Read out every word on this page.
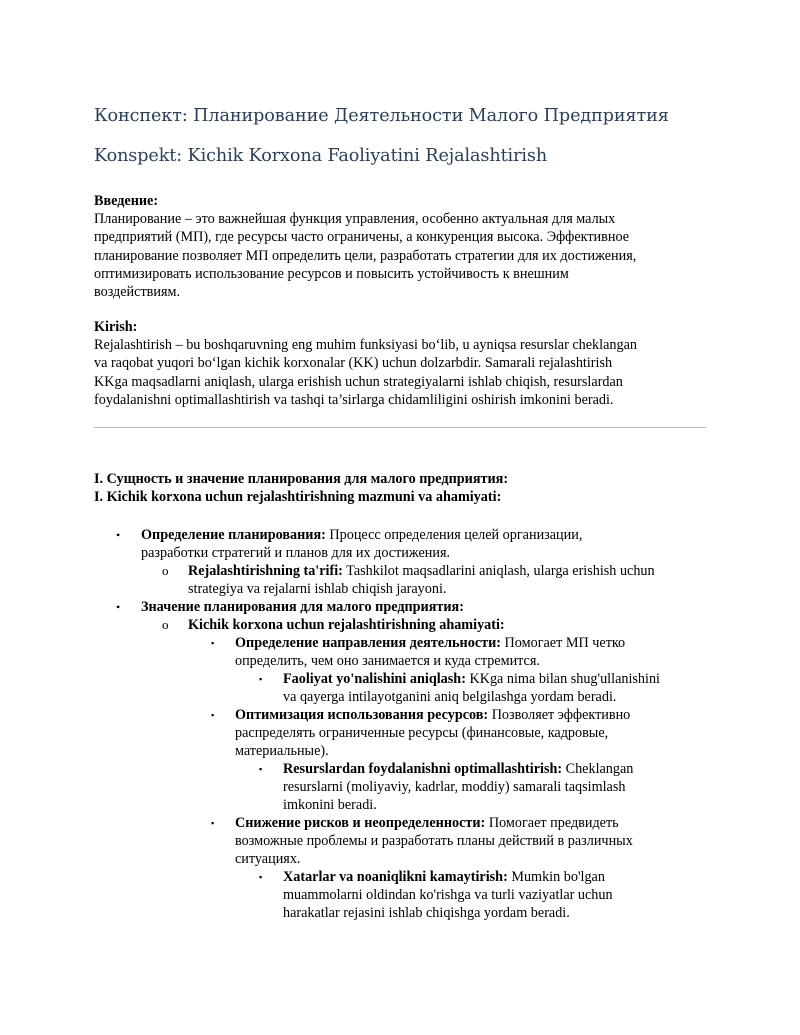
Конспект: Планирование Деятельности Малого Предприятия
Konspekt: Kichik Korxona Faoliyatini Rejalashtirish
Введение:
Планирование – это важнейшая функция управления, особенно актуальная для малых
предприятий (МП), где ресурсы часто ограничены, а конкуренция высока. Эффективное
планирование позволяет МП определить цели, разработать стратегии для их достижения,
оптимизировать использование ресурсов и повысить устойчивость к внешним
воздействиям.
Kirish:
Rejalashtirish – bu boshqaruvning eng muhim funksiyasi bo‘lib, u ayniqsa resurslar cheklangan
va raqobat yuqori bo‘lgan kichik korxonalar (KK) uchun dolzarbdir. Samarali rejalashtirish
KKga maqsadlarni aniqlash, ularga erishish uchun strategiyalarni ishlab chiqish, resurslardan
foydalanishni optimallashtirish va tashqi ta’sirlarga chidamliligini oshirish imkonini beradi.
I. Сущность и значение планирования для малого предприятия:
I. Kichik korxona uchun rejalashtirishning mazmuni va ahamiyati:
• Определение планирования: Процесс определения целей организации,
разработки стратегий и планов для их достижения.
o Rejalashtirishning ta'rifi: Tashkilot maqsadlarini aniqlash, ularga erishish uchun
strategiya va rejalarni ishlab chiqish jarayoni.
• Значение планирования для малого предприятия:
o Kichik korxona uchun rejalashtirishning ahamiyati:
▪ Определение направления деятельности: Помогает МП четко
определить, чем оно занимается и куда стремится.
▪ Faoliyat yo'nalishini aniqlash: KKga nima bilan shug'ullanishini
va qayerga intilayotganini aniq belgilashga yordam beradi.
▪ Оптимизация использования ресурсов: Позволяет эффективно
распределять ограниченные ресурсы (финансовые, кадровые,
материальные).
▪ Resurslardan foydalanishni optimallashtirish: Cheklangan
resurslarni (moliyaviy, kadrlar, moddiy) samarali taqsimlash
imkonini beradi.
▪ Снижение рисков и неопределенности: Помогает предвидеть
возможные проблемы и разработать планы действий в различных
ситуациях.
▪ Xatarlar va noaniqlikni kamaytirish: Mumkin bo'lgan
muammolarni oldindan ko'rishga va turli vaziyatlar uchun
harakatlar rejasini ishlab chiqishga yordam beradi.
